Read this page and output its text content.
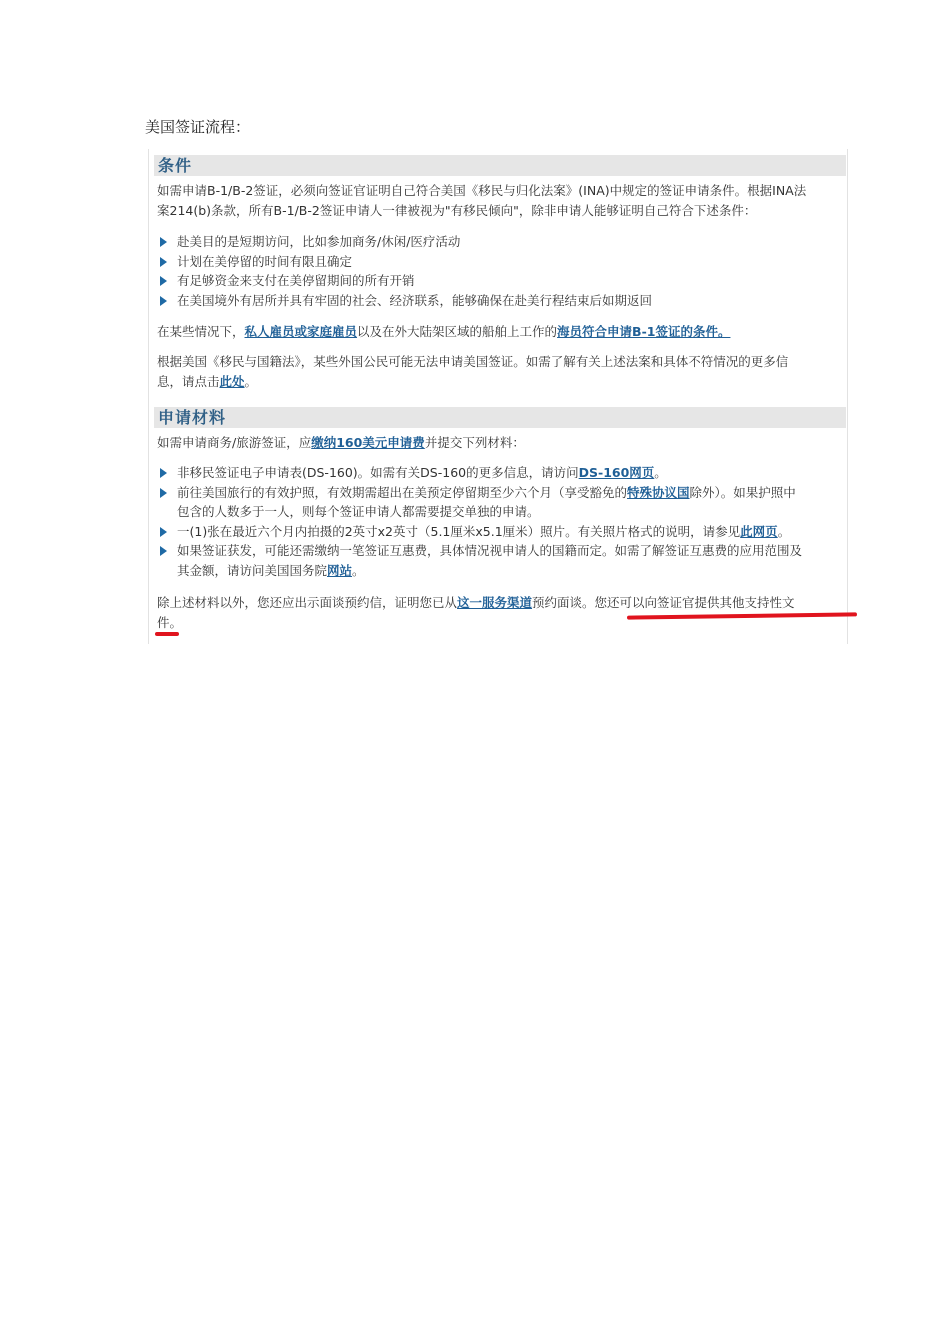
美国签证流程：
条件
如需申请B-1/B-2签证，必须向签证官证明自己符合美国《移民与归化法案》(INA)中规定的签证申请条件。根据INA法
案214(b)条款，所有B-1/B-2签证申请人一律被视为"有移民倾向"，除非申请人能够证明自己符合下述条件：
赴美目的是短期访问，比如参加商务/休闲/医疗活动
计划在美停留的时间有限且确定
有足够资金来支付在美停留期间的所有开销
在美国境外有居所并具有牢固的社会、经济联系，能够确保在赴美行程结束后如期返回
在某些情况下，私人雇员或家庭雇员以及在外大陆架区域的船舶上工作的海员符合申请B-1签证的条件。
根据美国《移民与国籍法》，某些外国公民可能无法申请美国签证。如需了解有关上述法案和具体不符情况的更多信
息，请点击此处。
申请材料
如需申请商务/旅游签证，应缴纳160美元申请费并提交下列材料：
非移民签证电子申请表(DS-160)。如需有关DS-160的更多信息，请访问DS-160网页。
前往美国旅行的有效护照，有效期需超出在美预定停留期至少六个月（享受豁免的特殊协议国除外）。如果护照中
包含的人数多于一人，则每个签证申请人都需要提交单独的申请。
一(1)张在最近六个月内拍摄的2英寸x2英寸（5.1厘米x5.1厘米）照片。有关照片格式的说明，请参见此网页。
如果签证获发，可能还需缴纳一笔签证互惠费，具体情况视申请人的国籍而定。如需了解签证互惠费的应用范围及
其金额，请访问美国国务院网站。
除上述材料以外，您还应出示面谈预约信，证明您已从这一服务渠道预约面谈。您还可以向签证官提供其他支持性文
件。
